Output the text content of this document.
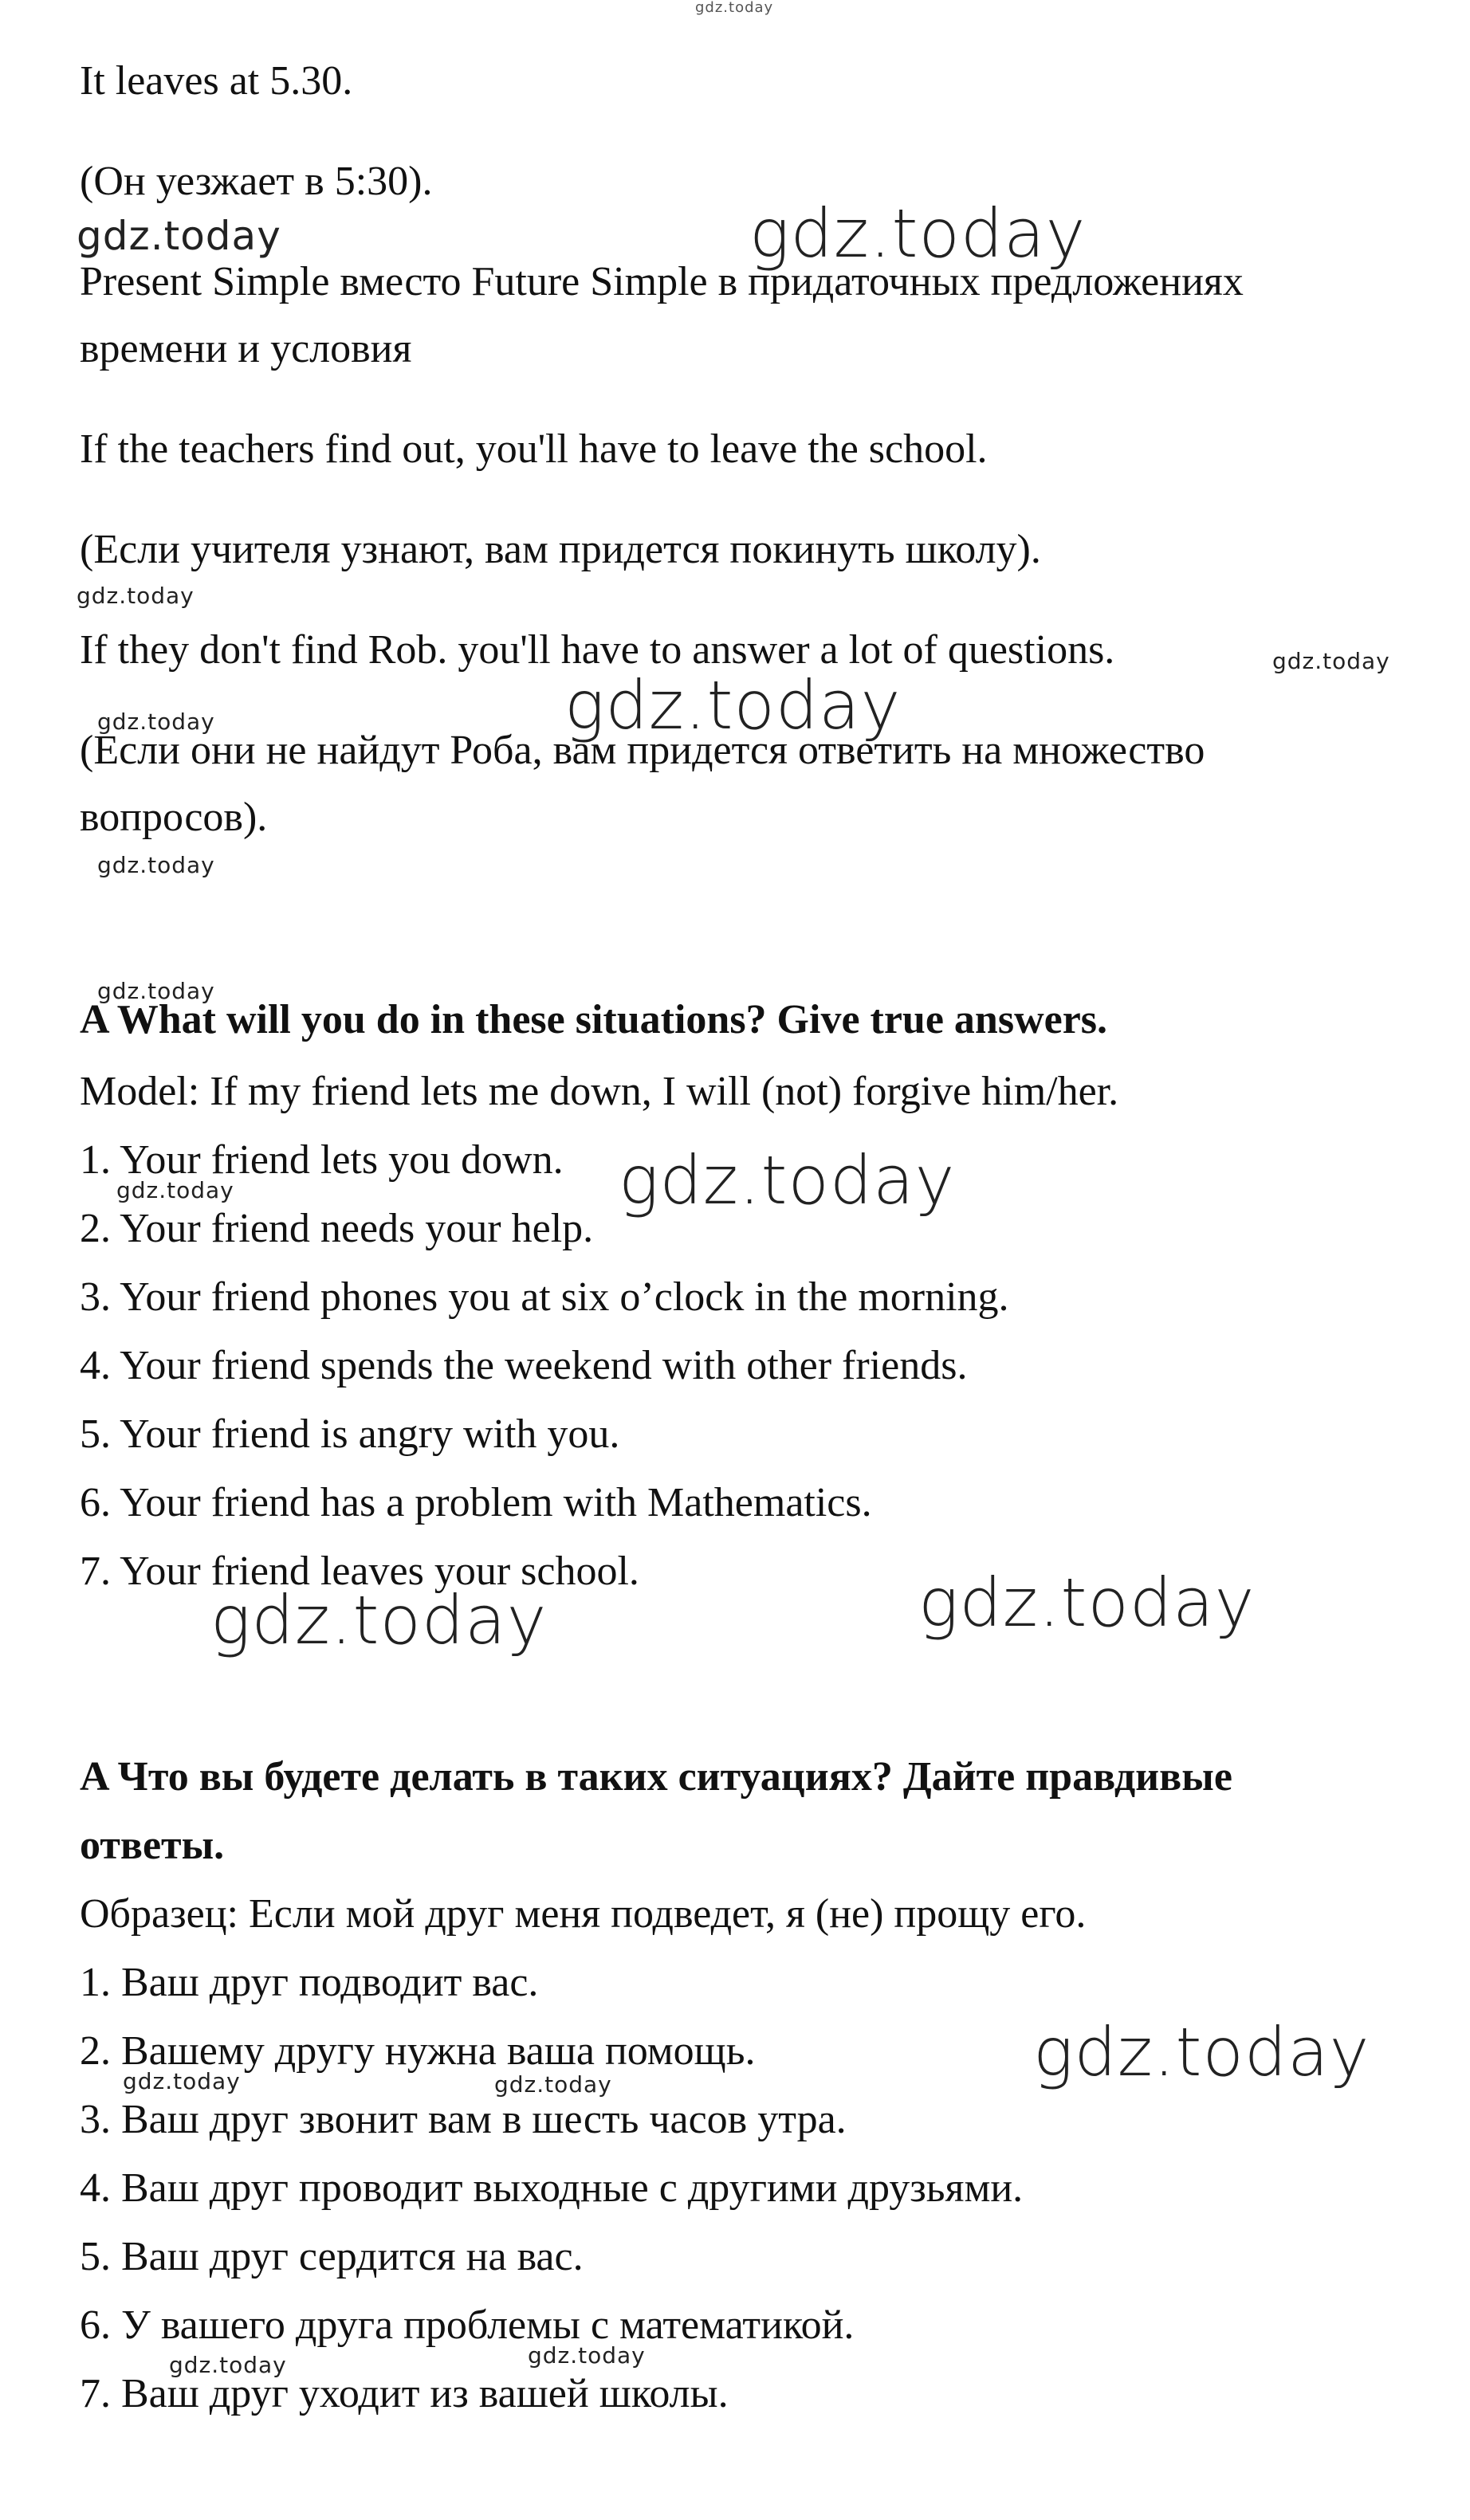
It leaves at 5.30.
(Он уезжает в 5:30).
Present Simple вместо Future Simple в придаточных предложениях
времени и условия
If the teachers find out, you'll have to leave the school.
(Если учителя узнают, вам придется покинуть школу).
If they don't find Rob. you'll have to answer a lot of questions.
(Если они не найдут Роба, вам придется ответить на множество
вопросов).
A What will you do in these situations? Give true answers.
Model: If my friend lets me down, I will (not) forgive him/her.
1. Your friend lets you down.
2. Your friend needs your help.
3. Your friend phones you at six o’clock in the morning.
4. Your friend spends the weekend with other friends.
5. Your friend is angry with you.
6. Your friend has a problem with Mathematics.
7. Your friend leaves your school.
A Что вы будете делать в таких ситуациях? Дайте правдивые
ответы.
Образец: Если мой друг меня подведет, я (не) прощу его.
1. Ваш друг подводит вас.
2. Вашему другу нужна ваша помощь.
3. Ваш друг звонит вам в шесть часов утра.
4. Ваш друг проводит выходные с другими друзьями.
5. Ваш друг сердится на вас.
6. У вашего друга проблемы с математикой.
7. Ваш друг уходит из вашей школы.
gdz.today
gdz.today
gdz.today
gdz.today
gdz.today
gdz.today
gdz.today
gdz.today
gdz.today
gdz.today
gdz.today
gdz.today	gdz.today
gdz.today
gdz.today	gdz.today
gdz.today	gdz.today
